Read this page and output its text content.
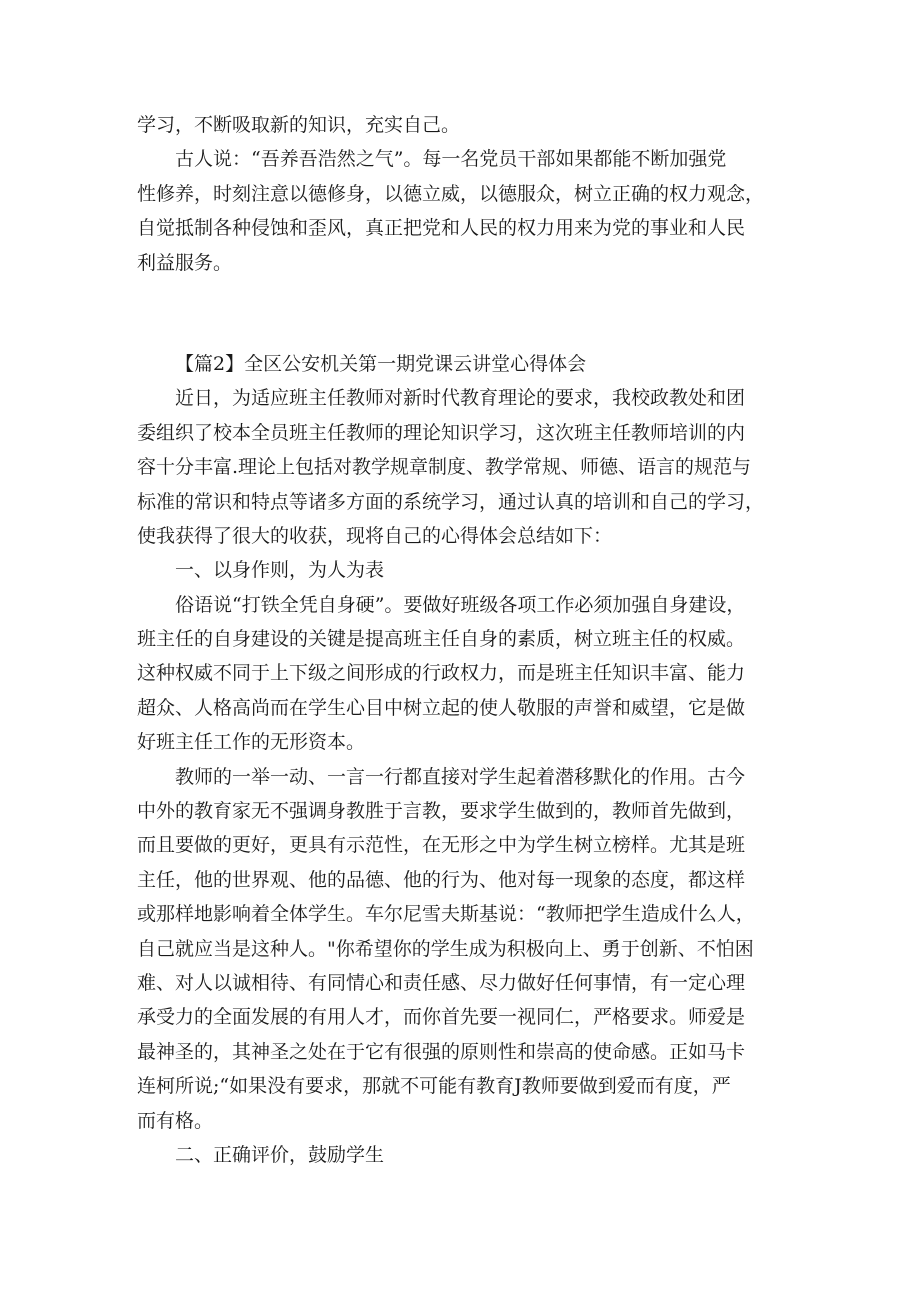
学习，不断吸取新的知识，充实自己。
古人说：“吾养吾浩然之气”。每一名党员干部如果都能不断加强党
性修养，时刻注意以德修身，以德立威，以德服众，树立正确的权力观念，
自觉抵制各种侵蚀和歪风，真正把党和人民的权力用来为党的事业和人民
利益服务。
【篇2】全区公安机关第一期党课云讲堂心得体会
近日，为适应班主任教师对新时代教育理论的要求，我校政教处和团
委组织了校本全员班主任教师的理论知识学习，这次班主任教师培训的内
容十分丰富.理论上包括对教学规章制度、教学常规、师德、语言的规范与
标准的常识和特点等诸多方面的系统学习，通过认真的培训和自己的学习，
使我获得了很大的收获，现将自己的心得体会总结如下：
一、以身作则，为人为表
俗语说“打铁全凭自身硬”。要做好班级各项工作必须加强自身建设，
班主任的自身建设的关键是提高班主任自身的素质，树立班主任的权威。
这种权威不同于上下级之间形成的行政权力，而是班主任知识丰富、能力
超众、人格高尚而在学生心目中树立起的使人敬服的声誉和威望，它是做
好班主任工作的无形资本。
教师的一举一动、一言一行都直接对学生起着潜移默化的作用。古今
中外的教育家无不强调身教胜于言教，要求学生做到的，教师首先做到，
而且要做的更好，更具有示范性，在无形之中为学生树立榜样。尤其是班
主任，他的世界观、他的品德、他的行为、他对每一现象的态度，都这样
或那样地影响着全体学生。车尔尼雪夫斯基说：“教师把学生造成什么人，
自己就应当是这种人。"你希望你的学生成为积极向上、勇于创新、不怕困
难、对人以诚相待、有同情心和责任感、尽力做好任何事情，有一定心理
承受力的全面发展的有用人才，而你首先要一视同仁，严格要求。师爱是
最神圣的，其神圣之处在于它有很强的原则性和崇高的使命感。正如马卡
连柯所说;“如果没有要求，那就不可能有教育J教师要做到爱而有度，严
而有格。
二、正确评价，鼓励学生
